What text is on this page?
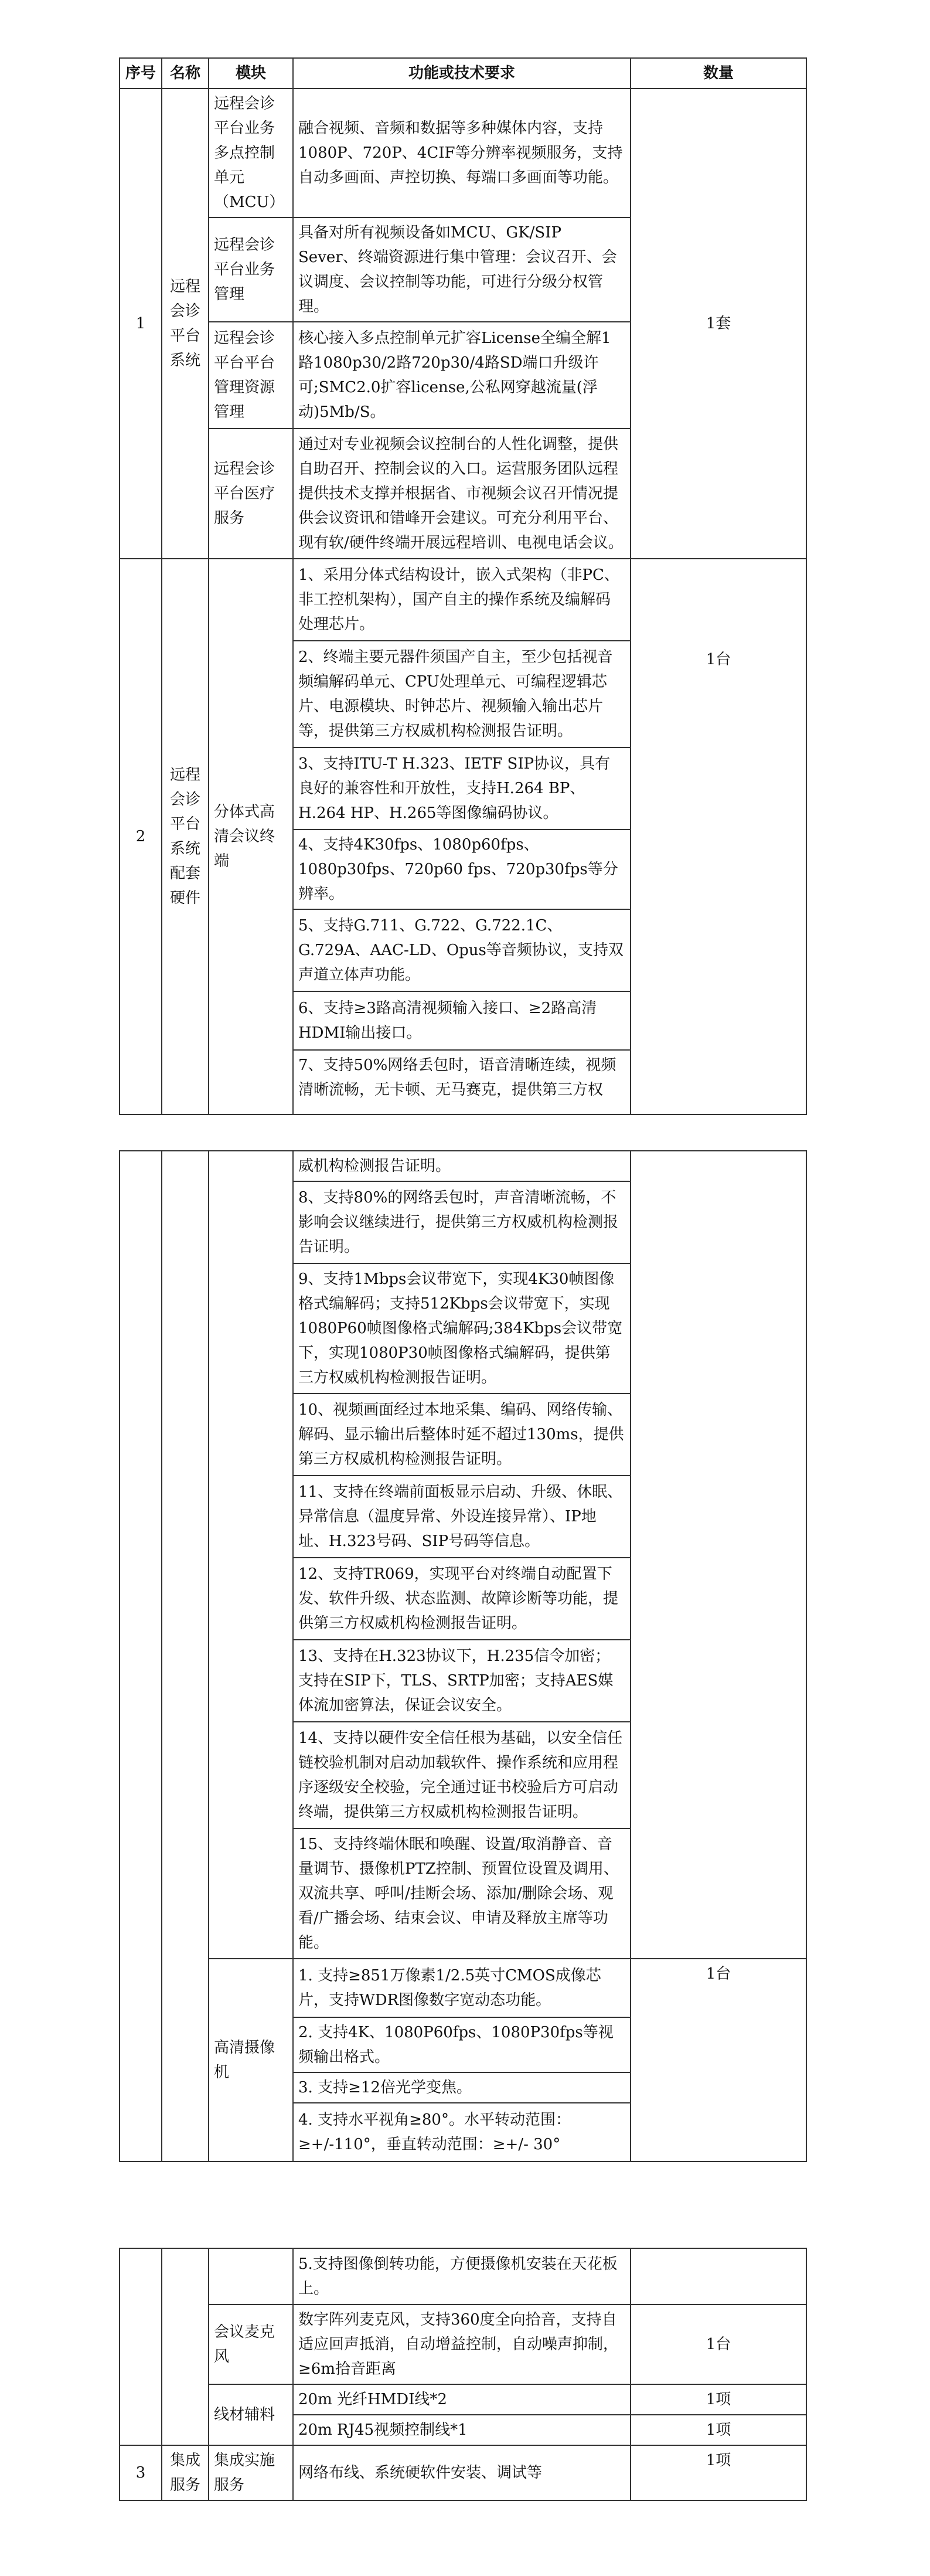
序号	名称	模块	功能或技术要求	数量
1	远程会诊平台系统	远程会诊平台业务多点控制单元（MCU）	融合视频、音频和数据等多种媒体内容，支持1080P、720P、4CIF等分辨率视频服务，支持自动多画面、声控切换、每端口多画面等功能。	1套
		远程会诊平台业务管理	具备对所有视频设备如MCU、GK/SIP Sever、终端资源进行集中管理：会议召开、会议调度、会议控制等功能，可进行分级分权管理。	
		远程会诊平台平台管理资源管理	核心接入多点控制单元扩容License全编全解1路1080p30/2路720p30/4路SD端口升级许可;SMC2.0扩容license,公私网穿越流量(浮动)5Mb/S。	
		远程会诊平台医疗服务	通过对专业视频会议控制台的人性化调整，提供自助召开、控制会议的入口。运营服务团队远程提供技术支撑并根据省、市视频会议召开情况提供会议资讯和错峰开会建议。可充分利用平台、现有软/硬件终端开展远程培训、电视电话会议。	
2	远程会诊平台系统配套硬件	分体式高清会议终端	1、采用分体式结构设计，嵌入式架构（非PC、非工控机架构），国产自主的操作系统及编解码处理芯片。	1台
			2、终端主要元器件须国产自主，至少包括视音频编解码单元、CPU处理单元、可编程逻辑芯片、电源模块、时钟芯片、视频输入输出芯片等，提供第三方权威机构检测报告证明。	
			3、支持ITU-T H.323、IETF SIP协议，具有良好的兼容性和开放性，支持H.264 BP、H.264 HP、H.265等图像编码协议。	
			4、支持4K30fps、1080p60fps、1080p30fps、720p60 fps、720p30fps等分辨率。	
			5、支持G.711、G.722、G.722.1C、G.729A、AAC-LD、Opus等音频协议，支持双声道立体声功能。	
			6、支持≥3路高清视频输入接口、≥2路高清HDMI输出接口。	

			7、支持50%网络丢包时，语音清晰连续，视频清晰流畅，无卡顿、无马赛克，提供第三方权	
			威机构检测报告证明。	
			8、支持80%的网络丢包时，声音清晰流畅，不影响会议继续进行，提供第三方权威机构检测报告证明。	
			9、支持1Mbps会议带宽下，实现4K30帧图像格式编解码；支持512Kbps会议带宽下，实现1080P60帧图像格式编解码;384Kbps会议带宽下，实现1080P30帧图像格式编解码，提供第三方权威机构检测报告证明。	
			10、视频画面经过本地采集、编码、网络传输、解码、显示输出后整体时延不超过130ms，提供第三方权威机构检测报告证明。	
			11、支持在终端前面板显示启动、升级、休眠、异常信息（温度异常、外设连接异常）、IP地址、H.323号码、SIP号码等信息。	
			12、支持TR069，实现平台对终端自动配置下发、软件升级、状态监测、故障诊断等功能，提供第三方权威机构检测报告证明。	
			13、支持在H.323协议下，H.235信令加密；支持在SIP下，TLS、SRTP加密；支持AES媒体流加密算法，保证会议安全。	
			14、支持以硬件安全信任根为基础，以安全信任链校验机制对启动加载软件、操作系统和应用程序逐级安全校验，完全通过证书校验后方可启动终端，提供第三方权威机构检测报告证明。	
			15、支持终端休眠和唤醒、设置/取消静音、音量调节、摄像机PTZ控制、预置位设置及调用、双流共享、呼叫/挂断会场、添加/删除会场、观看/广播会场、结束会议、申请及释放主席等功能。	
		高清摄像机	1. 支持≥851万像素1/2.5英寸CMOS成像芯片，支持WDR图像数字宽动态功能。	1台
			2. 支持4K、1080P60fps、1080P30fps等视频输出格式。	
			3. 支持≥12倍光学变焦。	
			4. 支持水平视角≥80°。水平转动范围：≥+/-110°，垂直转动范围：≥+/- 30°	
			5.支持图像倒转功能，方便摄像机安装在天花板上。	
		会议麦克风	数字阵列麦克风，支持360度全向拾音，支持自适应回声抵消，自动增益控制，自动噪声抑制，≥6m拾音距离	1台

		线材辅料	20m 光纤HMDI线*2	1项
			20m RJ45视频控制线*1	1项
3	集成服务	集成实施服务	网络布线、系统硬软件安装、调试等	1项
